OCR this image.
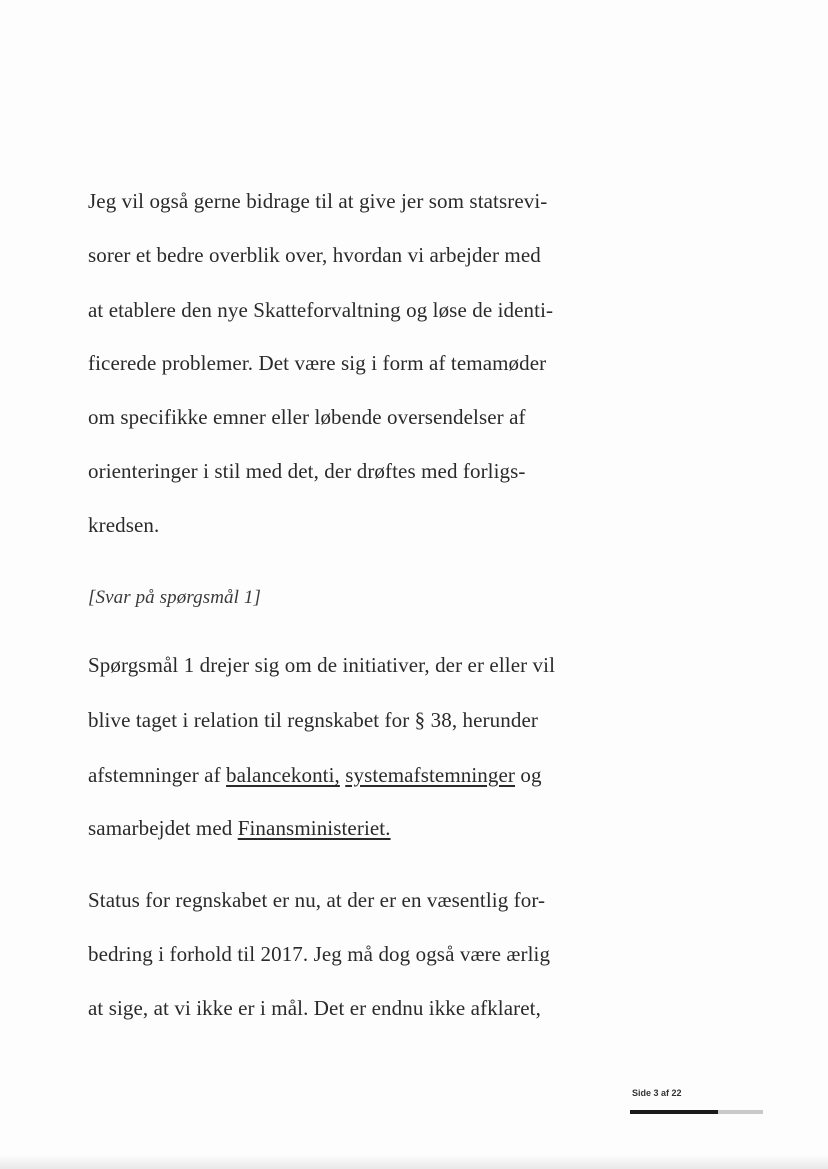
Jeg vil også gerne bidrage til at give jer som statsrevi-
sorer et bedre overblik over, hvordan vi arbejder med
at etablere den nye Skatteforvaltning og løse de identi-
ficerede problemer. Det være sig i form af temamøder
om specifikke emner eller løbende oversendelser af
orienteringer i stil med det, der drøftes med forligs-
kredsen.
[Svar på spørgsmål 1]
Spørgsmål 1 drejer sig om de initiativer, der er eller vil
blive taget i relation til regnskabet for § 38, herunder
afstemninger af balancekonti, systemafstemninger og
samarbejdet med Finansministeriet.
Status for regnskabet er nu, at der er en væsentlig for-
bedring i forhold til 2017. Jeg må dog også være ærlig
at sige, at vi ikke er i mål. Det er endnu ikke afklaret,
Side 3 af 22
